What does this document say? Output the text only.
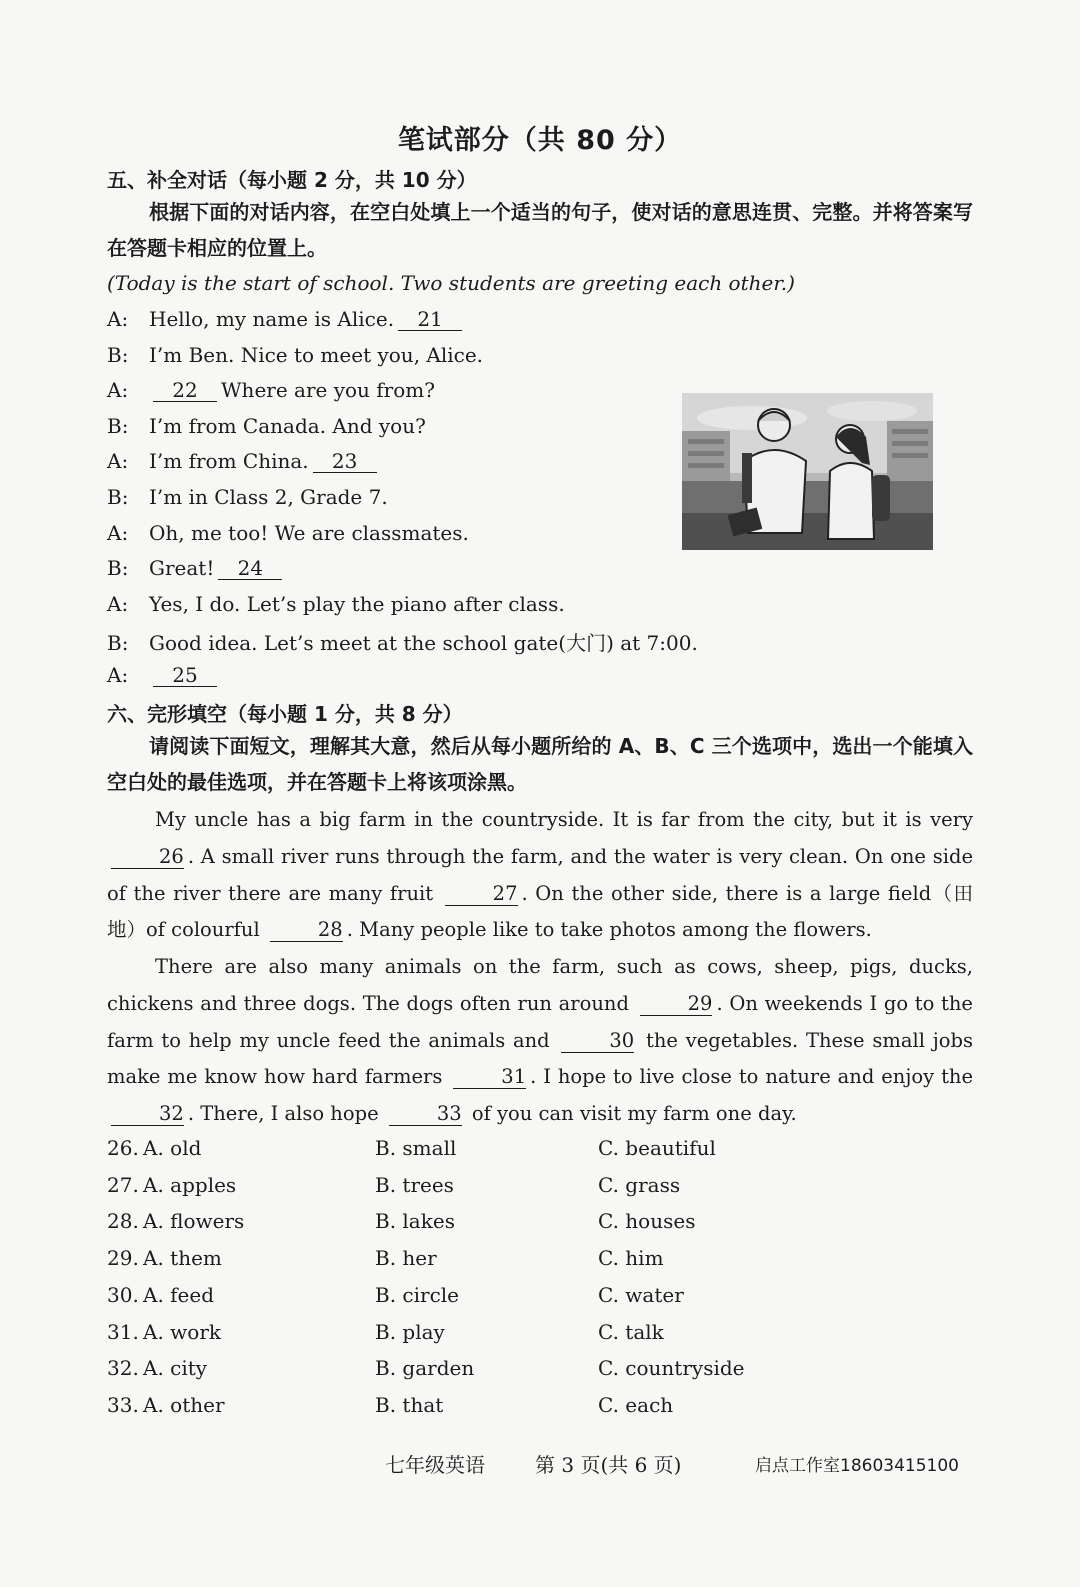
笔试部分（共 80 分）
五、补全对话（每小题 2 分，共 10 分）
根据下面的对话内容，在空白处填上一个适当的句子，使对话的意思连贯、完整。并将答案写在答题卡相应的位置上。
(Today is the start of school. Two students are greeting each other.)
A: Hello, my name is Alice. 21
B: I’m Ben. Nice to meet you, Alice.
A: 22 Where are you from?
B: I’m from Canada. And you?
A: I’m from China. 23
B: I’m in Class 2, Grade 7.
A: Oh, me too! We are classmates.
B: Great! 24
A: Yes, I do. Let’s play the piano after class.
B: Good idea. Let’s meet at the school gate(大门) at 7:00.
A: 25
六、完形填空（每小题 1 分，共 8 分）
请阅读下面短文，理解其大意，然后从每小题所给的 A、B、C 三个选项中，选出一个能填入空白处的最佳选项，并在答题卡上将该项涂黑。
My uncle has a big farm in the countryside. It is far from the city, but it is very 26 . A small river runs through the farm, and the water is very clean. On one side of the river there are many fruit	27 . On the other side, there is a large field（田地）of colourful	28 . Many people like to take photos among the flowers.
There are also many animals on the farm, such as cows, sheep, pigs, ducks, chickens and three dogs. The dogs often run around	29 . On weekends I go to the farm to help my uncle feed the animals and	30 the vegetables. These small jobs make me know how hard farmers	31 . I hope to live close to nature and enjoy the 32 . There, I also hope	33 of you can visit my farm one day.
26. A. old	B. small	C. beautiful
27. A. apples	B. trees	C. grass
28. A. flowers	B. lakes	C. houses
29. A. them	B. her	C. him
30. A. feed	B. circle	C. water
31. A. work	B. play	C. talk
32. A. city	B. garden	C. countryside
33. A. other	B. that	C. each
七年级英语	第 3 页(共 6 页)	启点工作室18603415100
